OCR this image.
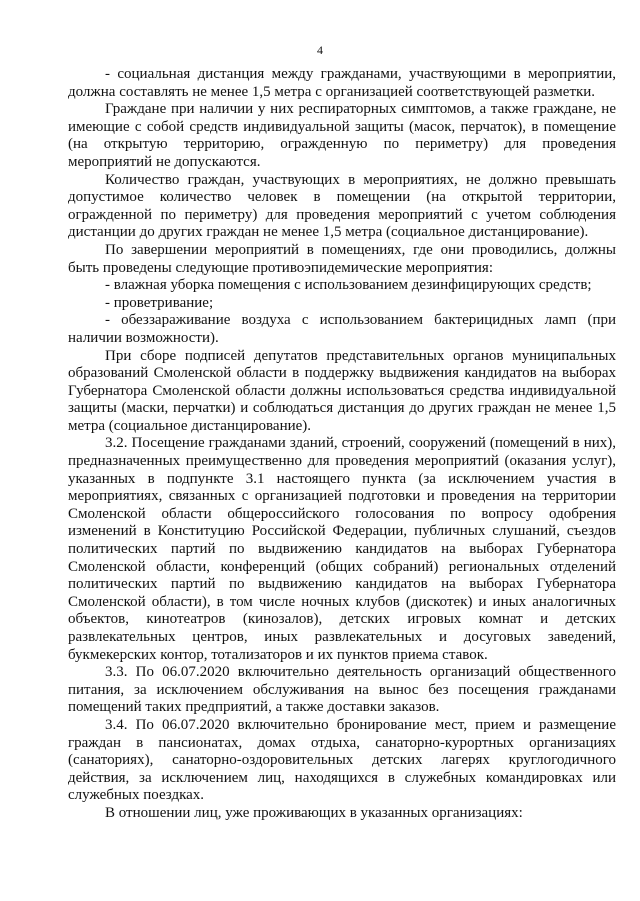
4

- социальная дистанция между гражданами, участвующими в мероприятии, должна составлять не менее 1,5 метра с организацией соответствующей разметки.

Граждане при наличии у них респираторных симптомов, а также граждане, не имеющие с собой средств индивидуальной защиты (масок, перчаток), в помещение (на открытую территорию, огражденную по периметру) для проведения мероприятий не допускаются.

Количество граждан, участвующих в мероприятиях, не должно превышать допустимое количество человек в помещении (на открытой территории, огражденной по периметру) для проведения мероприятий с учетом соблюдения дистанции до других граждан не менее 1,5 метра (социальное дистанцирование).

По завершении мероприятий в помещениях, где они проводились, должны быть проведены следующие противоэпидемические мероприятия:

- влажная уборка помещения с использованием дезинфицирующих средств;

- проветривание;

- обеззараживание воздуха с использованием бактерицидных ламп (при наличии возможности).

При сборе подписей депутатов представительных органов муниципальных образований Смоленской области в поддержку выдвижения кандидатов на выборах Губернатора Смоленской области должны использоваться средства индивидуальной защиты (маски, перчатки) и соблюдаться дистанция до других граждан не менее 1,5 метра (социальное дистанцирование).

3.2. Посещение гражданами зданий, строений, сооружений (помещений в них), предназначенных преимущественно для проведения мероприятий (оказания услуг), указанных в подпункте 3.1 настоящего пункта (за исключением участия в мероприятиях, связанных с организацией подготовки и проведения на территории Смоленской области общероссийского голосования по вопросу одобрения изменений в Конституцию Российской Федерации, публичных слушаний, съездов политических партий по выдвижению кандидатов на выборах Губернатора Смоленской области, конференций (общих собраний) региональных отделений политических партий по выдвижению кандидатов на выборах Губернатора Смоленской области), в том числе ночных клубов (дискотек) и иных аналогичных объектов, кинотеатров (кинозалов), детских игровых комнат и детских развлекательных центров, иных развлекательных и досуговых заведений, букмекерских контор, тотализаторов и их пунктов приема ставок.

3.3. По 06.07.2020 включительно деятельность организаций общественного питания, за исключением обслуживания на вынос без посещения гражданами помещений таких предприятий, а также доставки заказов.

3.4. По 06.07.2020 включительно бронирование мест, прием и размещение граждан в пансионатах, домах отдыха, санаторно-курортных организациях (санаториях), санаторно-оздоровительных детских лагерях круглогодичного действия, за исключением лиц, находящихся в служебных командировках или служебных поездках.

В отношении лиц, уже проживающих в указанных организациях:
